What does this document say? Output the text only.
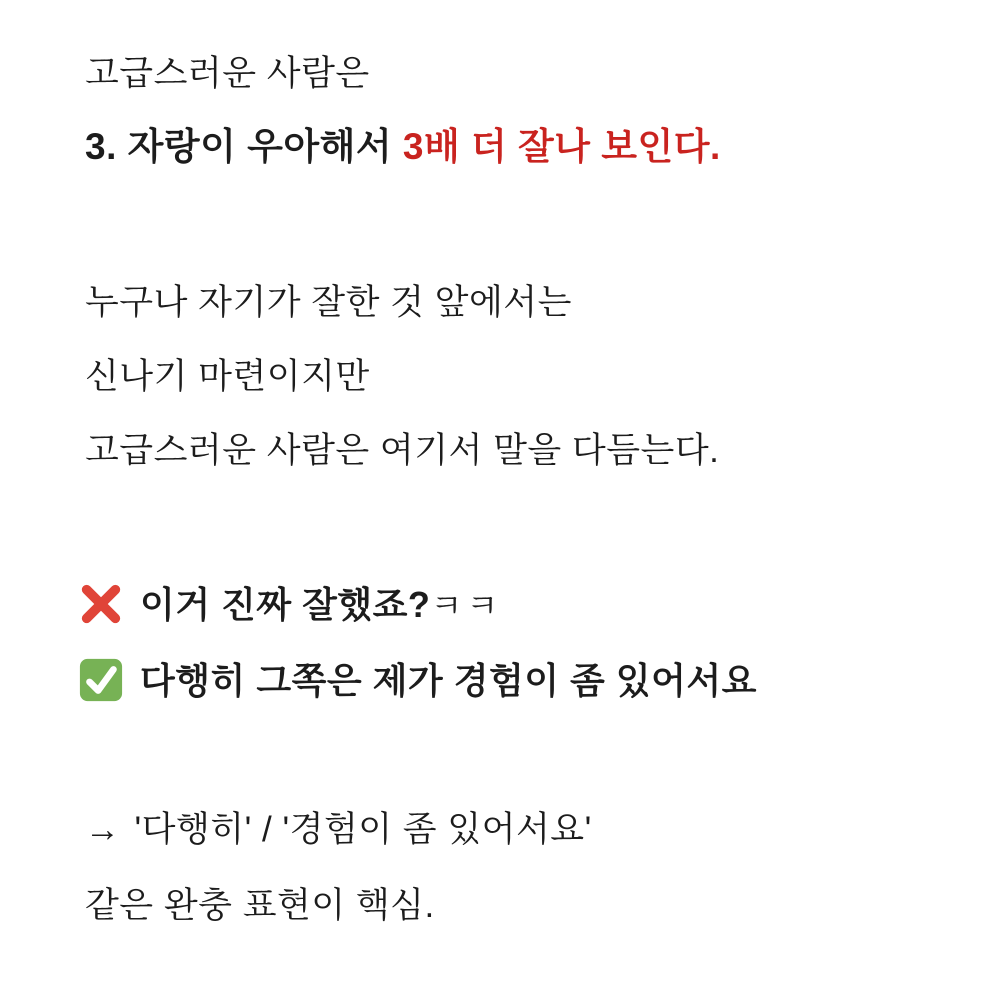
고급스러운 사람은
3. 자랑이 우아해서 3배 더 잘나 보인다.
누구나 자기가 잘한 것 앞에서는
신나기 마련이지만
고급스러운 사람은 여기서 말을 다듬는다.
이거 진짜 잘했죠?ㅋㅋ
다행히 그쪽은 제가 경험이 좀 있어서요
→ '다행히' / '경험이 좀 있어서요'
같은 완충 표현이 핵심.
